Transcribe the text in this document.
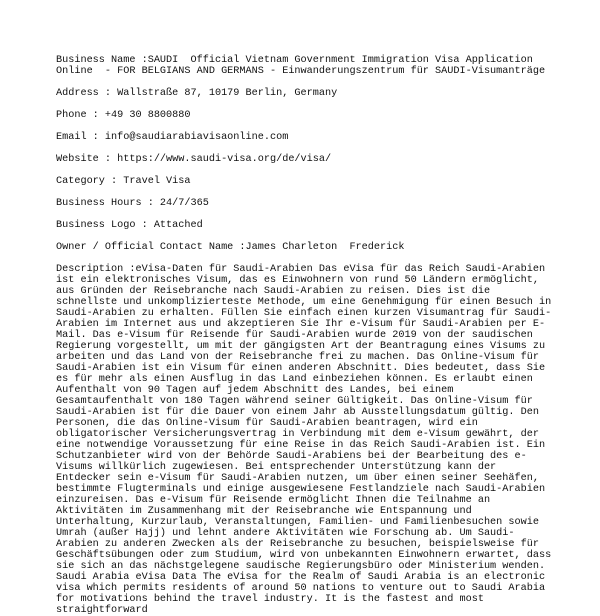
Business Name :SAUDI  Official Vietnam Government Immigration Visa Application Online  - FOR BELGIANS AND GERMANS - Einwanderungszentrum für SAUDI-Visumanträge

Address : Wallstraße 87, 10179 Berlin, Germany

Phone : +49 30 8800880

Email : info@saudiarabiavisaonline.com

Website : https://www.saudi-visa.org/de/visa/

Category : Travel Visa

Business Hours : 24/7/365

Business Logo : Attached

Owner / Official Contact Name :James Charleton  Frederick

Description :eVisa-Daten für Saudi-Arabien Das eVisa für das Reich Saudi-Arabien ist ein elektronisches Visum, das es Einwohnern von rund 50 Ländern ermöglicht, aus Gründen der Reisebranche nach Saudi-Arabien zu reisen. Dies ist die schnellste und unkomplizierteste Methode, um eine Genehmigung für einen Besuch in Saudi-Arabien zu erhalten. Füllen Sie einfach einen kurzen Visumantrag für Saudi-Arabien im Internet aus und akzeptieren Sie Ihr e-Visum für Saudi-Arabien per E-Mail. Das e-Visum für Reisende für Saudi-Arabien wurde 2019 von der saudischen Regierung vorgestellt, um mit der gängigsten Art der Beantragung eines Visums zu arbeiten und das Land von der Reisebranche frei zu machen. Das Online-Visum für Saudi-Arabien ist ein Visum für einen anderen Abschnitt. Dies bedeutet, dass Sie es für mehr als einen Ausflug in das Land einbeziehen können. Es erlaubt einen Aufenthalt von 90 Tagen auf jedem Abschnitt des Landes, bei einem Gesamtaufenthalt von 180 Tagen während seiner Gültigkeit. Das Online-Visum für Saudi-Arabien ist für die Dauer von einem Jahr ab Ausstellungsdatum gültig. Den Personen, die das Online-Visum für Saudi-Arabien beantragen, wird ein obligatorischer Versicherungsvertrag in Verbindung mit dem e-Visum gewährt, der eine notwendige Voraussetzung für eine Reise in das Reich Saudi-Arabien ist. Ein Schutzanbieter wird von der Behörde Saudi-Arabiens bei der Bearbeitung des e-Visums willkürlich zugewiesen. Bei entsprechender Unterstützung kann der Entdecker sein e-Visum für Saudi-Arabien nutzen, um über einen seiner Seehäfen, bestimmte Flugterminals und einige ausgewiesene Festlandziele nach Saudi-Arabien einzureisen. Das e-Visum für Reisende ermöglicht Ihnen die Teilnahme an Aktivitäten im Zusammenhang mit der Reisebranche wie Entspannung und Unterhaltung, Kurzurlaub, Veranstaltungen, Familien- und Familienbesuchen sowie Umrah (außer Hajj) und lehnt andere Aktivitäten wie Forschung ab. Um Saudi-Arabien zu anderen Zwecken als der Reisebranche zu besuchen, beispielsweise für Geschäftsübungen oder zum Studium, wird von unbekannten Einwohnern erwartet, dass sie sich an das nächstgelegene saudische Regierungsbüro oder Ministerium wenden.  Saudi Arabia eVisa Data The eVisa for the Realm of Saudi Arabia is an electronic visa which permits residents of around 50 nations to venture out to Saudi Arabia for motivations behind the travel industry. It is the fastest and most straightforward
